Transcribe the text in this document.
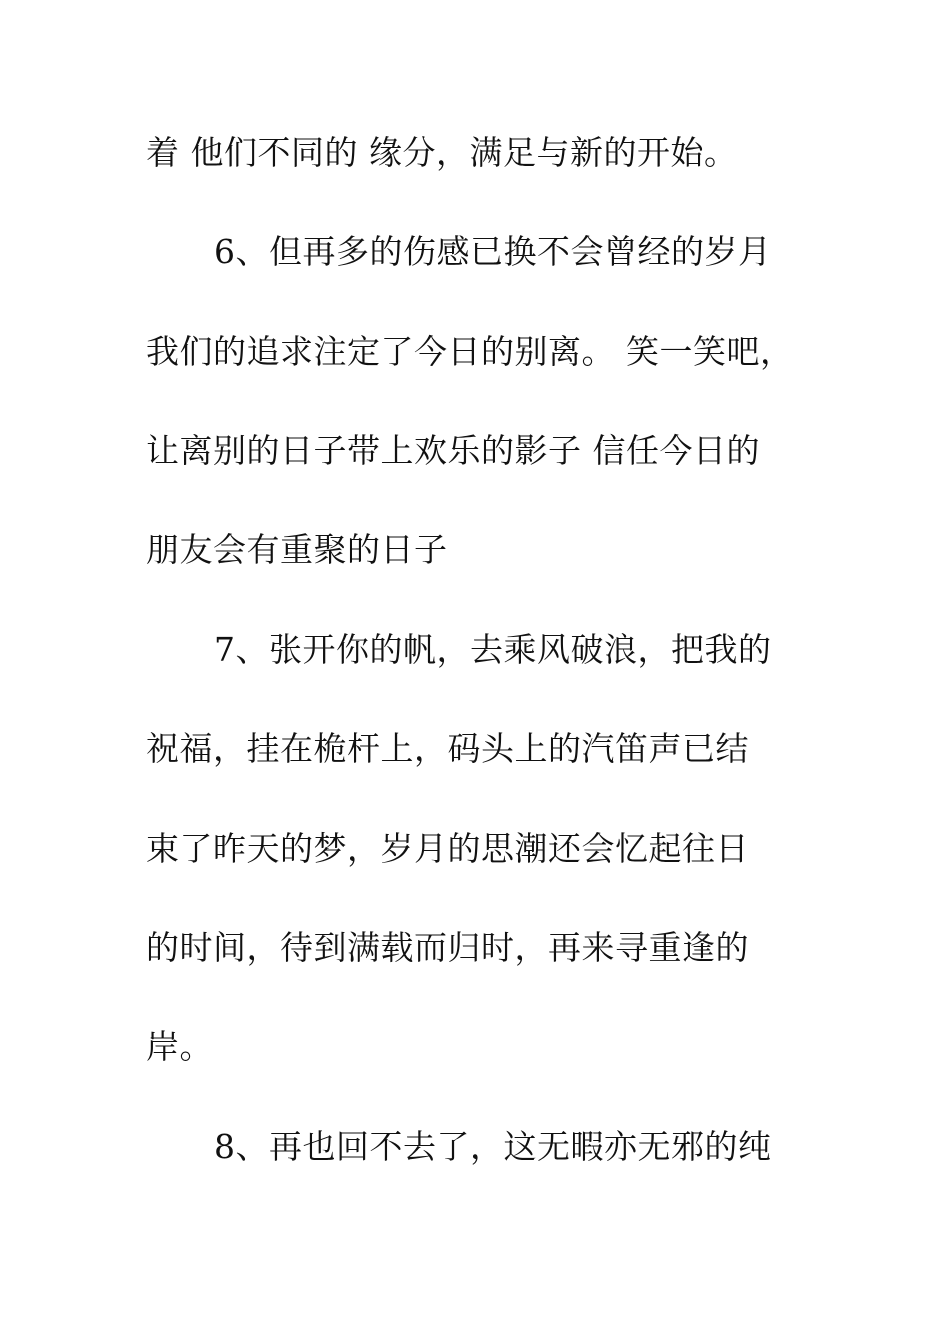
着 他们不同的 缘分，满足与新的开始。
6、但再多的伤感已换不会曾经的岁月
我们的追求注定了今日的别离。 笑一笑吧，
让离别的日子带上欢乐的影子 信任今日的
朋友会有重聚的日子
7、张开你的帆，去乘风破浪，把我的
祝福，挂在桅杆上，码头上的汽笛声已结
束了昨天的梦，岁月的思潮还会忆起往日
的时间，待到满载而归时，再来寻重逢的
岸。
8、再也回不去了，这无暇亦无邪的纯
